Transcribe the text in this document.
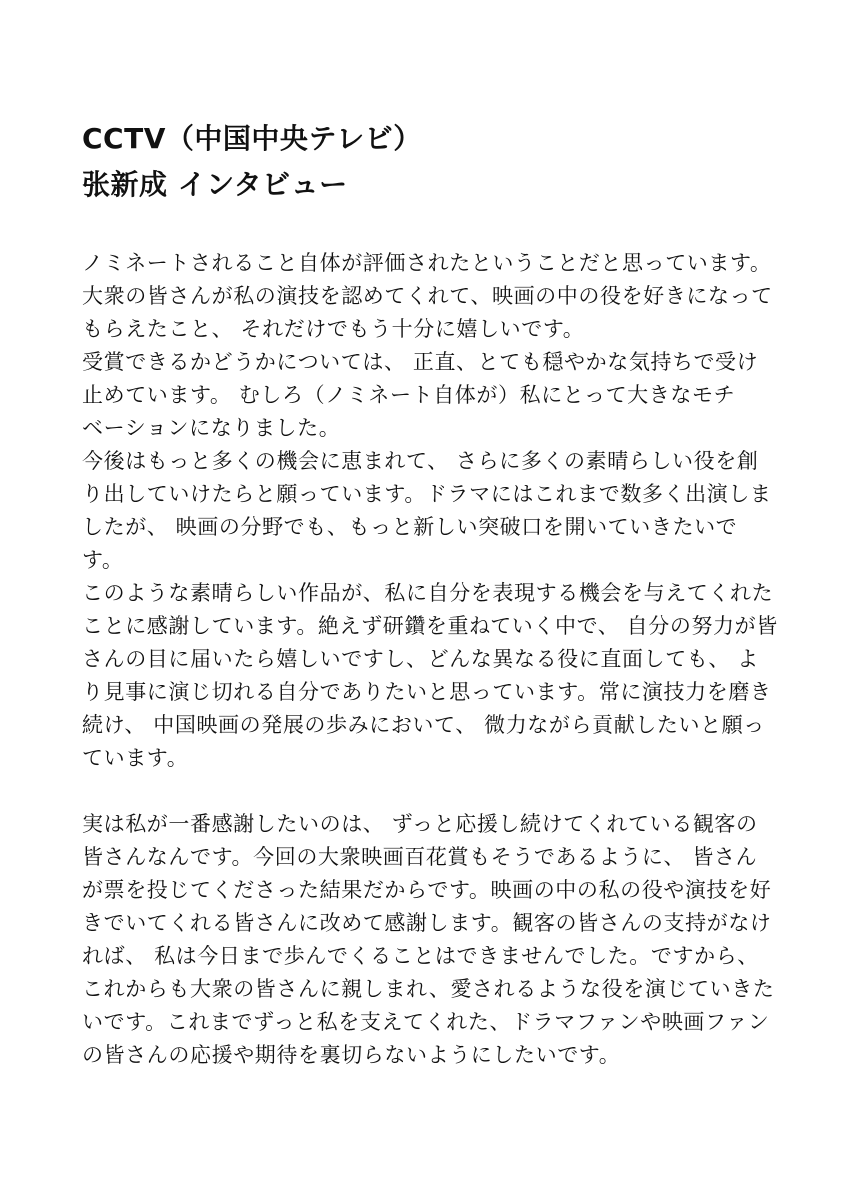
CCTV（中国中央テレビ）
张新成 インタビュー
ノミネートされること自体が評価されたということだと思っています。
大衆の皆さんが私の演技を認めてくれて、映画の中の役を好きになって
もらえたこと、 それだけでもう十分に嬉しいです。
受賞できるかどうかについては、 正直、とても穏やかな気持ちで受け
止めています。 むしろ（ノミネート自体が）私にとって大きなモチ
ベーションになりました。
今後はもっと多くの機会に恵まれて、 さらに多くの素晴らしい役を創
り出していけたらと願っています。ドラマにはこれまで数多く出演しま
したが、 映画の分野でも、もっと新しい突破口を開いていきたいで
す。
このような素晴らしい作品が、私に自分を表現する機会を与えてくれた
ことに感謝しています。絶えず研鑽を重ねていく中で、 自分の努力が皆
さんの目に届いたら嬉しいですし、どんな異なる役に直面しても、 よ
り見事に演じ切れる自分でありたいと思っています。常に演技力を磨き
続け、 中国映画の発展の歩みにおいて、 微力ながら貢献したいと願っ
ています。
実は私が一番感謝したいのは、 ずっと応援し続けてくれている観客の
皆さんなんです。今回の大衆映画百花賞もそうであるように、 皆さん
が票を投じてくださった結果だからです。映画の中の私の役や演技を好
きでいてくれる皆さんに改めて感謝します。観客の皆さんの支持がなけ
れば、 私は今日まで歩んでくることはできませんでした。ですから、
これからも大衆の皆さんに親しまれ、愛されるような役を演じていきた
いです。これまでずっと私を支えてくれた、ドラマファンや映画ファン
の皆さんの応援や期待を裏切らないようにしたいです。
